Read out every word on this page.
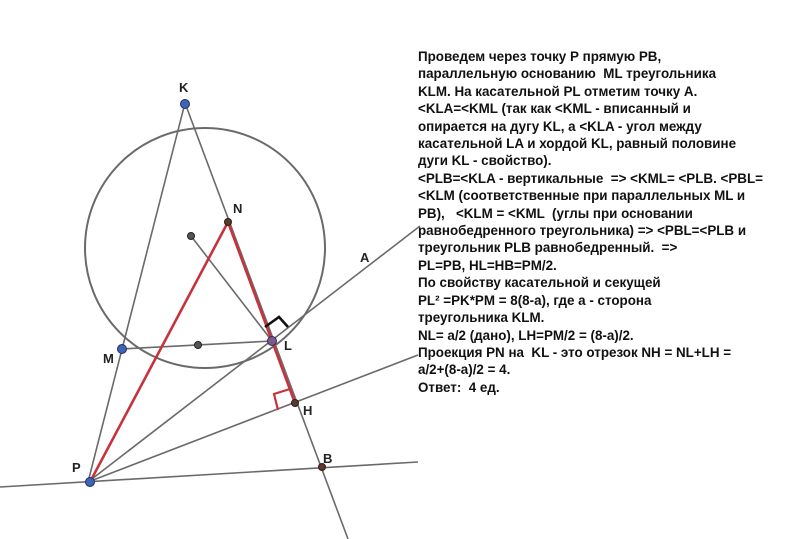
K
N
A
M
L
H
P
B
Проведем через точку Р прямую PB,
параллельную основанию  ML треугольника
KLM. На касательной PL отметим точку A.
<KLA=<KML (так как <KML - вписанный и
опирается на дугу KL, а <KLA - угол между
касательной LA и хордой KL, равный половине
дуги KL - свойство).
<PLB=<KLA - вертикальные  => <KML= <PLB. <PBL=
<KLM (соответственные при параллельных ML и
PB),   <KLM = <KML  (углы при основании
равнобедренного треугольника) => <PBL=<PLB и
треугольник PLB равнобедренный.  =>
PL=PB, HL=HB=PM/2.
По свойству касательной и секущей
PL² =PK*PM = 8(8-a), где a - сторона
треугольника KLM.
NL= a/2 (дано), LH=PM/2 = (8-a)/2.
Проекция PN на  KL - это отрезок NH = NL+LH =
a/2+(8-a)/2 = 4.
Ответ:  4 ед.
